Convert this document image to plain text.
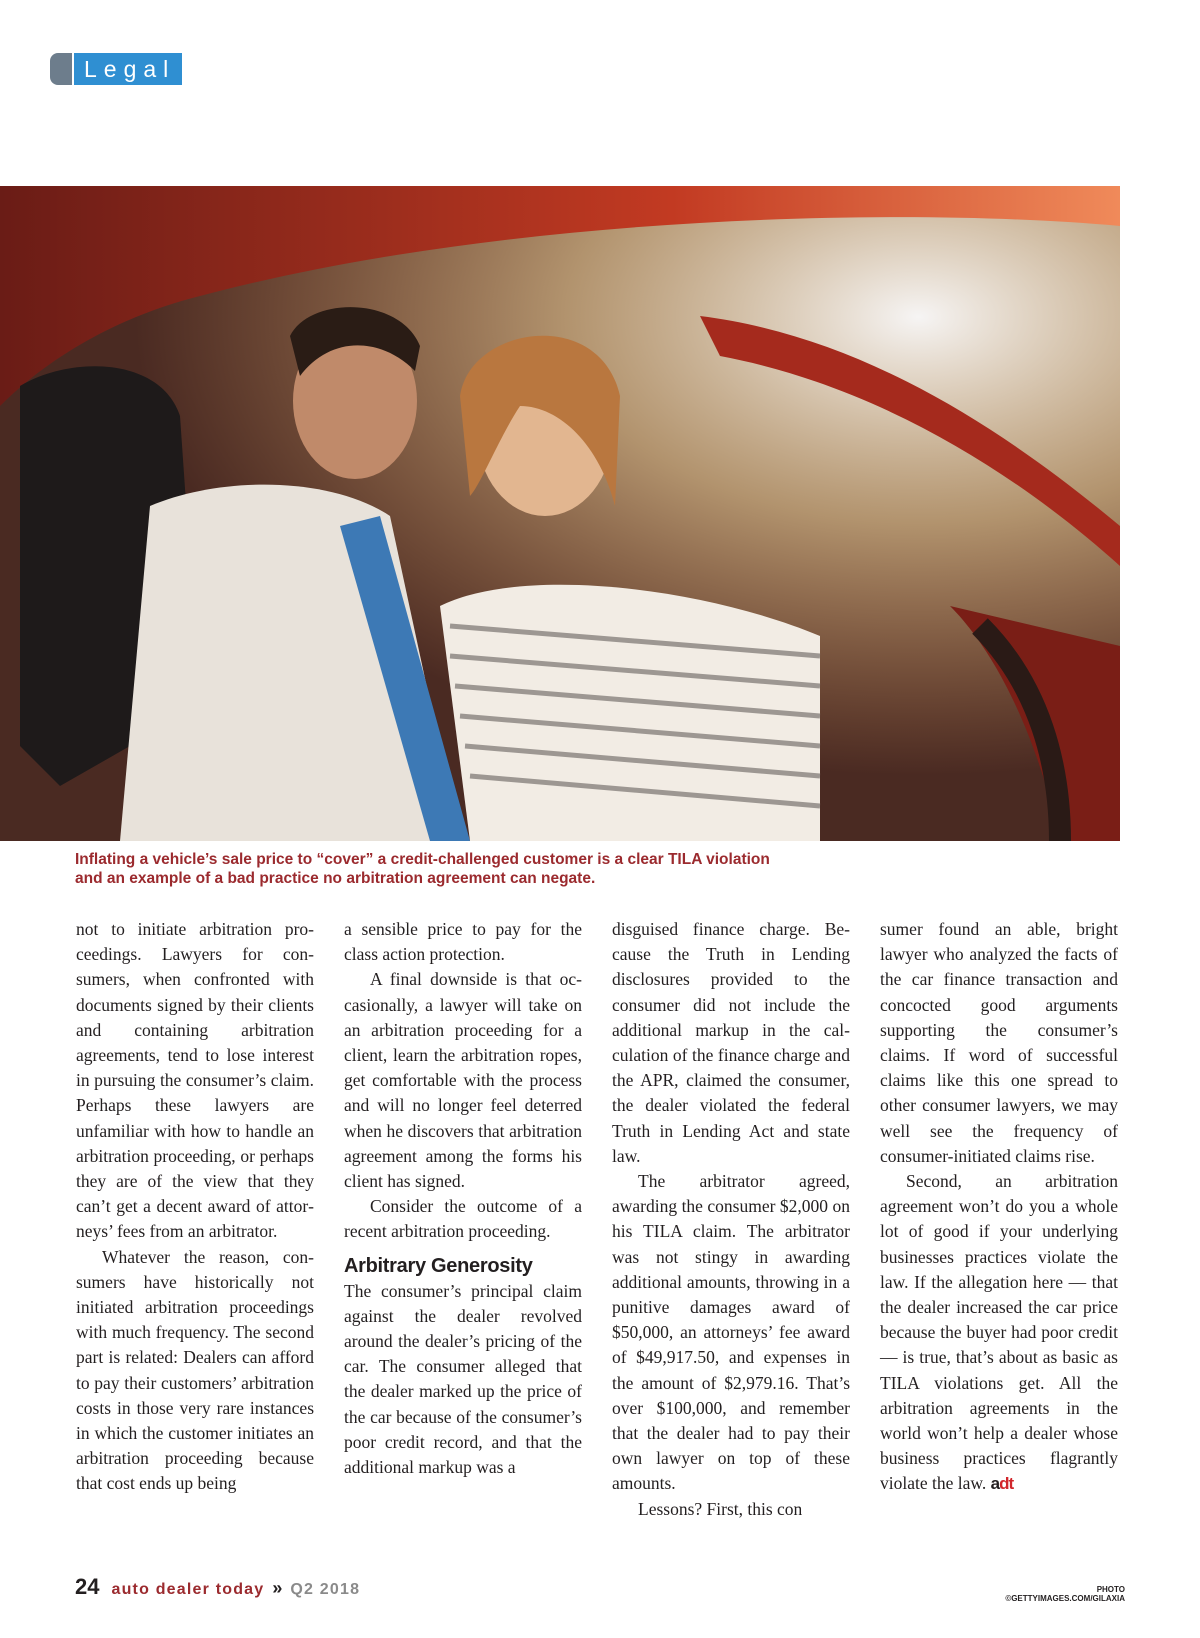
Legal
Inflating a vehicle’s sale price to “cover” a credit-challenged customer is a clear TILA violation and an example of a bad practice no arbitration agreement can negate.

not to initiate arbitration proceedings. Lawyers for consumers, when confronted with documents signed by their clients and containing arbitration agreements, tend to lose interest in pursuing the consumer’s claim. Perhaps these lawyers are unfamiliar with how to handle an arbitration proceeding, or perhaps they are of the view that they can’t get a decent award of attorneys’ fees from an arbitrator.

Whatever the reason, consumers have historically not initiated arbitration proceedings with much frequency. The second part is related: Dealers can afford to pay their customers’ arbitration costs in those very rare instances in which the customer initiates an arbitration proceeding because that cost ends up being

a sensible price to pay for the class action protection.

A final downside is that occasionally, a lawyer will take on an arbitration proceeding for a client, learn the arbitration ropes, get comfortable with the process and will no longer feel deterred when he discovers that arbitration agreement among the forms his client has signed.

Consider the outcome of a recent arbitration proceeding.

Arbitrary Generosity

The consumer’s principal claim against the dealer revolved around the dealer’s pricing of the car. The consumer alleged that the dealer marked up the price of the car because of the consumer’s poor credit record, and that the additional markup was a

disguised finance charge. Because the Truth in Lending disclosures provided to the consumer did not include the additional markup in the calculation of the finance charge and the APR, claimed the consumer, the dealer violated the federal Truth in Lending Act and state law.

The arbitrator agreed, awarding the consumer $2,000 on his TILA claim. The arbitrator was not stingy in awarding additional amounts, throwing in a punitive damages award of $50,000, an attorneys’ fee award of $49,917.50, and expenses in the amount of $2,979.16. That’s over $100,000, and remember that the dealer had to pay their own lawyer on top of these amounts.

Lessons? First, this con

sumer found an able, bright lawyer who analyzed the facts of the car finance transaction and concocted good arguments supporting the consumer’s claims. If word of successful claims like this one spread to other consumer lawyers, we may well see the frequency of consumer-initiated claims rise.

Second, an arbitration agreement won’t do you a whole lot of good if your underlying businesses practices violate the law. If the allegation here — that the dealer increased the car price because the buyer had poor credit — is true, that’s about as basic as TILA violations get. All the arbitration agreements in the world won’t help a dealer whose business practices flagrantly violate the law. adt

24 auto dealer today » Q2 2018	PHOTO ©GETTYIMAGES.COM/GILAXIA
